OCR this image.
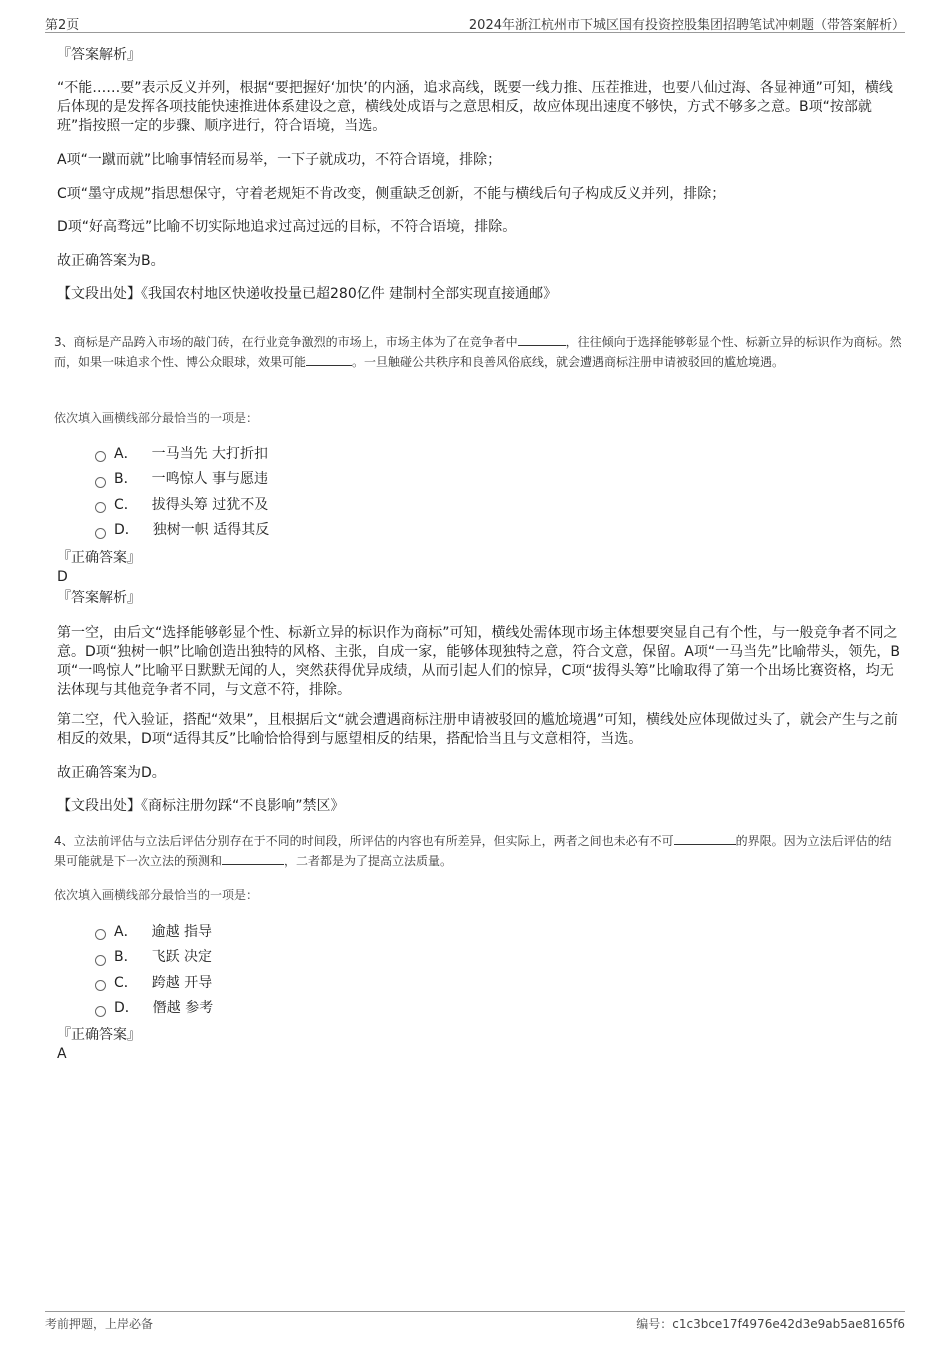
第2页	2024年浙江杭州市下城区国有投资控股集团招聘笔试冲刺题（带答案解析）
『答案解析』
“不能……要”表示反义并列，根据“要把握好‘加快’的内涵，追求高线，既要一线力推、压茬推进，也要八仙过海、各显神通”可知，横线后体现的是发挥各项技能快速推进体系建设之意，横线处成语与之意思相反，故应体现出速度不够快，方式不够多之意。B项“按部就班”指按照一定的步骤、顺序进行，符合语境，当选。
A项“一蹴而就”比喻事情轻而易举，一下子就成功，不符合语境，排除；
C项“墨守成规”指思想保守，守着老规矩不肯改变，侧重缺乏创新，不能与横线后句子构成反义并列，排除；
D项“好高骛远”比喻不切实际地追求过高过远的目标，不符合语境，排除。
故正确答案为B。
【文段出处】《我国农村地区快递收投量已超280亿件 建制村全部实现直接通邮》
3、商标是产品跨入市场的敲门砖，在行业竞争激烈的市场上，市场主体为了在竞争者中	，往往倾向于选择能够彰显个性、标新立异的标识作为商标。然而，如果一味追求个性、博公众眼球，效果可能	。一旦触碰公共秩序和良善风俗底线，就会遭遇商标注册申请被驳回的尴尬境遇。
依次填入画横线部分最恰当的一项是：
A． 一马当先 大打折扣
B． 一鸣惊人 事与愿违
C． 拔得头筹 过犹不及
D． 独树一帜 适得其反
『正确答案』
D
『答案解析』
第一空，由后文“选择能够彰显个性、标新立异的标识作为商标”可知，横线处需体现市场主体想要突显自己有个性，与一般竞争者不同之意。D项“独树一帜”比喻创造出独特的风格、主张，自成一家，能够体现独特之意，符合文意，保留。A项“一马当先”比喻带头，领先，B项“一鸣惊人”比喻平日默默无闻的人，突然获得优异成绩，从而引起人们的惊异，C项“拔得头筹”比喻取得了第一个出场比赛资格，均无法体现与其他竞争者不同，与文意不符，排除。
第二空，代入验证，搭配“效果”，且根据后文“就会遭遇商标注册申请被驳回的尴尬境遇”可知，横线处应体现做过头了，就会产生与之前相反的效果，D项“适得其反”比喻恰恰得到与愿望相反的结果，搭配恰当且与文意相符，当选。
故正确答案为D。
【文段出处】《商标注册勿踩“不良影响”禁区》
4、立法前评估与立法后评估分别存在于不同的时间段，所评估的内容也有所差异，但实际上，两者之间也未必有不可	的界限。因为立法后评估的结果可能就是下一次立法的预测和	，二者都是为了提高立法质量。
依次填入画横线部分最恰当的一项是：
A． 逾越 指导
B． 飞跃 决定
C． 跨越 开导
D． 僭越 参考
『正确答案』
A
考前押题，上岸必备	编号：c1c3bce17f4976e42d3e9ab5ae8165f6
